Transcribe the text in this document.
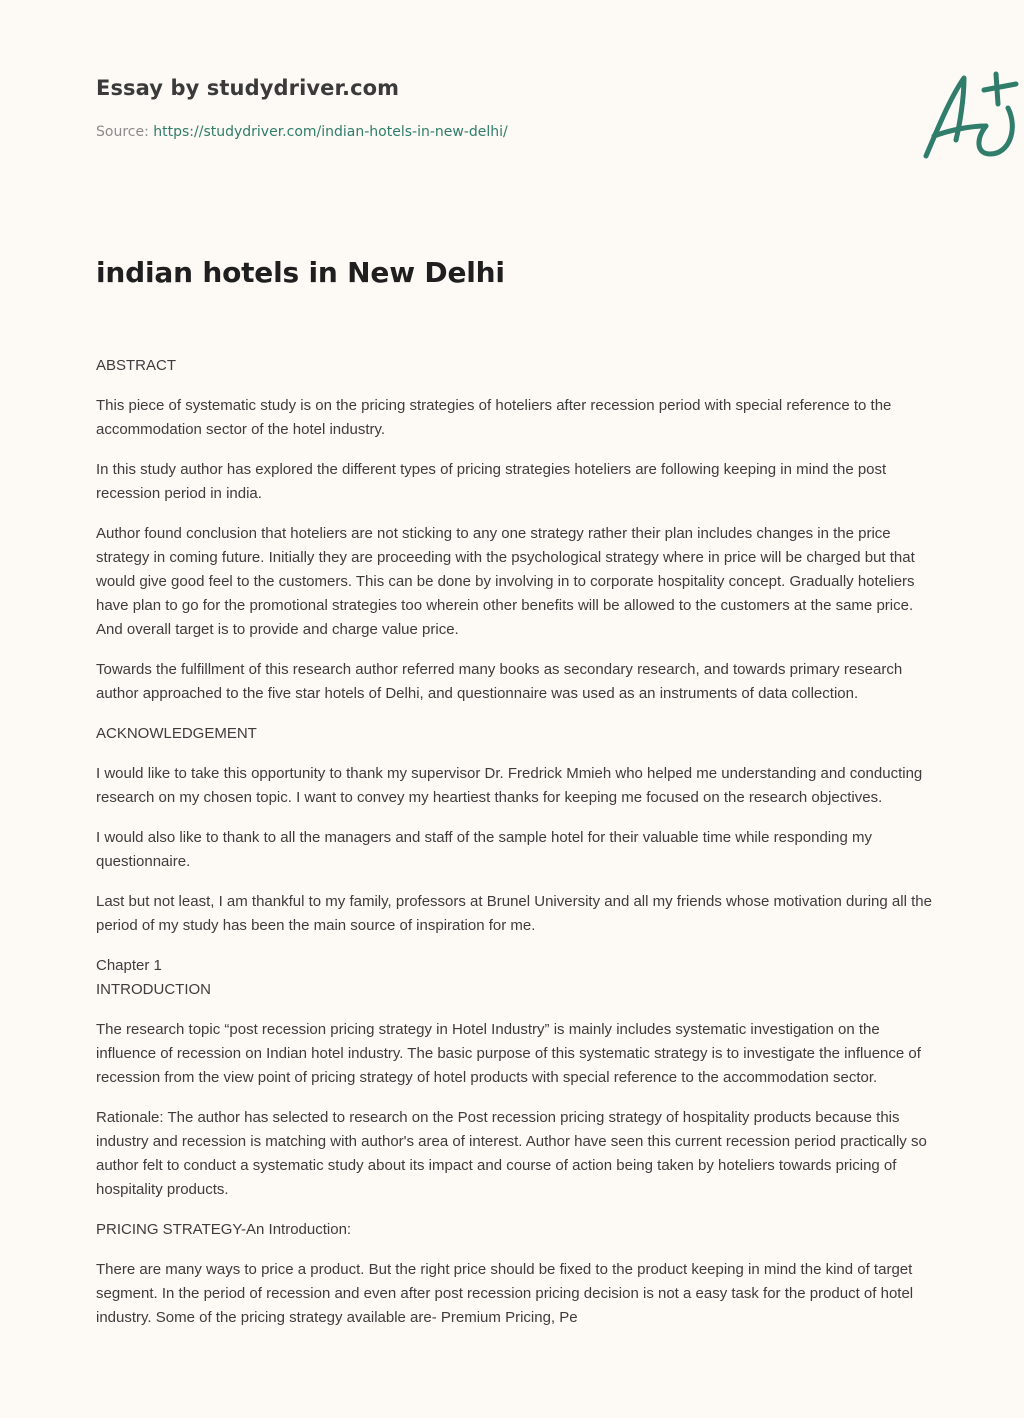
Essay by studydriver.com
Source: https://studydriver.com/indian-hotels-in-new-delhi/
indian hotels in New Delhi

ABSTRACT

This piece of systematic study is on the pricing strategies of hoteliers after recession period with special reference to the accommodation sector of the hotel industry.

In this study author has explored the different types of pricing strategies hoteliers are following keeping in mind the post recession period in india.

Author found conclusion that hoteliers are not sticking to any one strategy rather their plan includes changes in the price strategy in coming future. Initially they are proceeding with the psychological strategy where in price will be charged but that would give good feel to the customers. This can be done by involving in to corporate hospitality concept. Gradually hoteliers have plan to go for the promotional strategies too wherein other benefits will be allowed to the customers at the same price. And overall target is to provide and charge value price.

Towards the fulfillment of this research author referred many books as secondary research, and towards primary research author approached to the five star hotels of Delhi, and questionnaire was used as an instruments of data collection.

ACKNOWLEDGEMENT

I would like to take this opportunity to thank my supervisor Dr. Fredrick Mmieh who helped me understanding and conducting research on my chosen topic. I want to convey my heartiest thanks for keeping me focused on the research objectives.

I would also like to thank to all the managers and staff of the sample hotel for their valuable time while responding my questionnaire.

Last but not least, I am thankful to my family, professors at Brunel University and all my friends whose motivation during all the period of my study has been the main source of inspiration for me.

Chapter 1
INTRODUCTION

The research topic “post recession pricing strategy in Hotel Industry” is mainly includes systematic investigation on the influence of recession on Indian hotel industry. The basic purpose of this systematic strategy is to investigate the influence of recession from the view point of pricing strategy of hotel products with special reference to the accommodation sector.

Rationale: The author has selected to research on the Post recession pricing strategy of hospitality products because this industry and recession is matching with author's area of interest. Author have seen this current recession period practically so author felt to conduct a systematic study about its impact and course of action being taken by hoteliers towards pricing of hospitality products.

PRICING STRATEGY-An Introduction:

There are many ways to price a product. But the right price should be fixed to the product keeping in mind the kind of target segment. In the period of recession and even after post recession pricing decision is not a easy task for the product of hotel industry. Some of the pricing strategy available are- Premium Pricing, Pe
